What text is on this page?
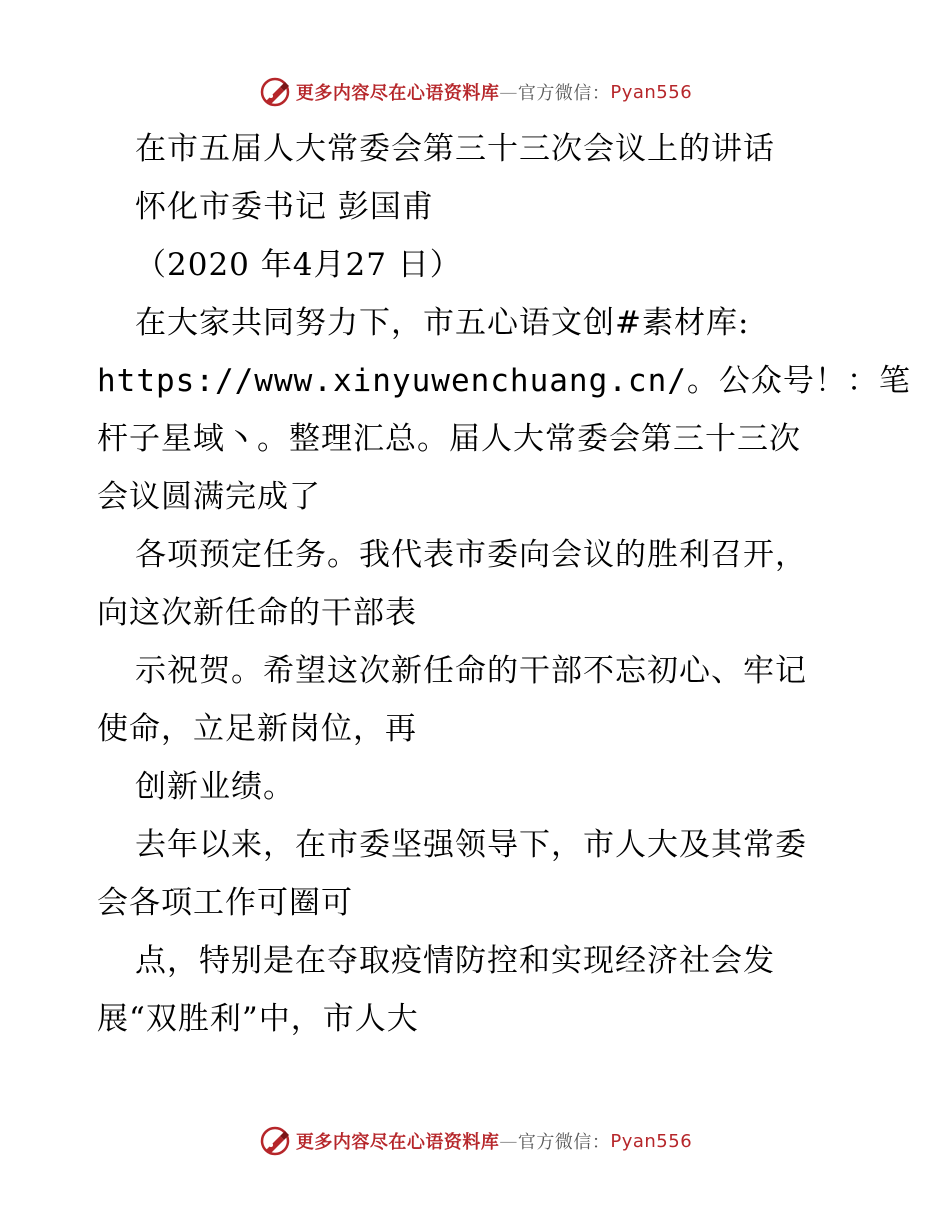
更多内容尽在心语资料库 — 官方微信： Pyan556
在市五届人大常委会第三十三次会议上的讲话
怀化市委书记 彭国甫
（2020 年4月27 日）
在大家共同努力下，市五心语文创#素材库:
https://www.xinyuwenchuang.cn/。公众号！：笔
杆子星域丶。整理汇总。届人大常委会第三十三次
会议圆满完成了
各项预定任务。我代表市委向会议的胜利召开，
向这次新任命的干部表
示祝贺。希望这次新任命的干部不忘初心、牢记
使命，立足新岗位，再
创新业绩。
去年以来，在市委坚强领导下，市人大及其常委
会各项工作可圈可
点，特别是在夺取疫情防控和实现经济社会发
展“双胜利”中，市人大
更多内容尽在心语资料库 — 官方微信： Pyan556
